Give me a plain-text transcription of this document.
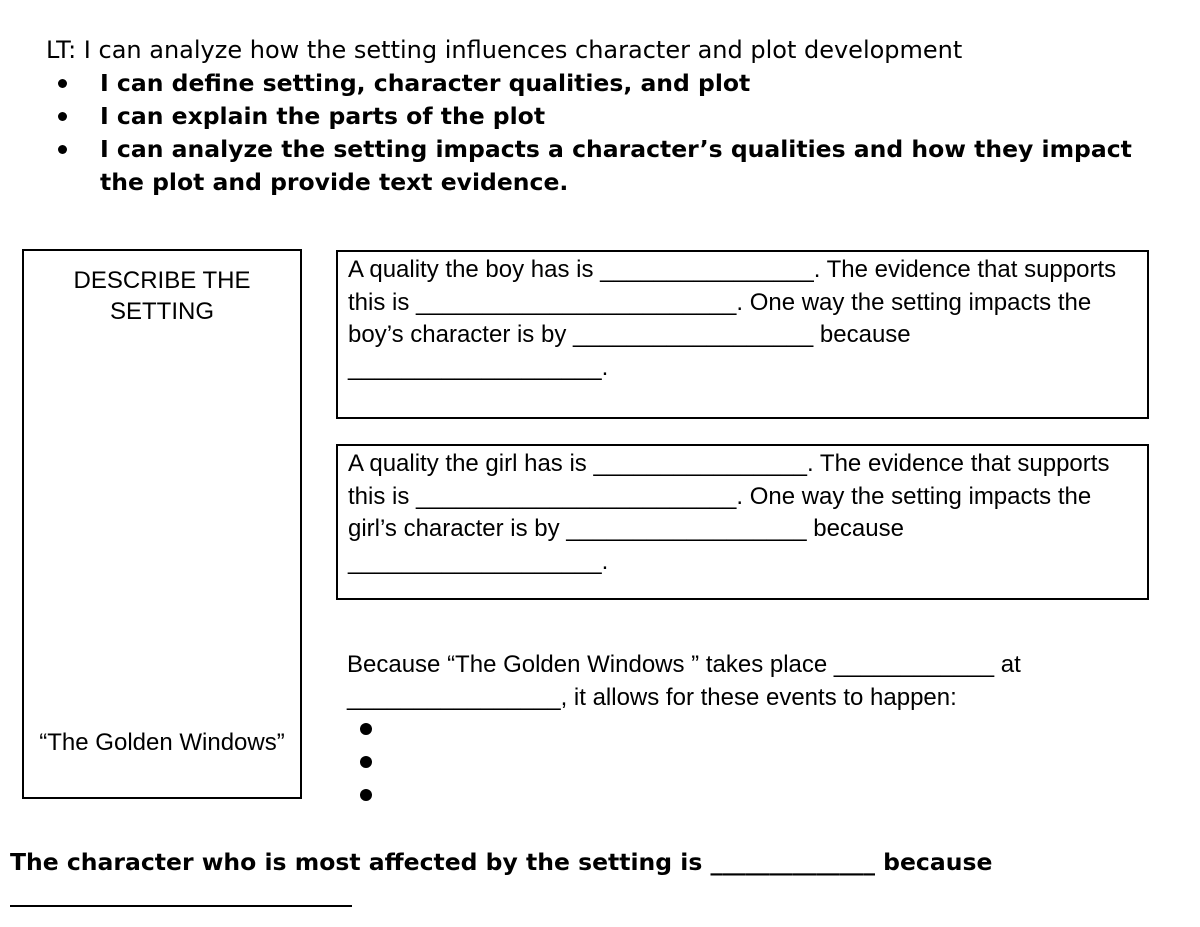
LT: I can analyze how the setting influences character and plot development
I can define setting, character qualities, and plot
I can explain the parts of the plot
I can analyze the setting impacts a character’s qualities and how they impact the plot and provide text evidence.
DESCRIBE THE SETTING
“The Golden Windows”
A quality the boy has is ________________. The evidence that supports this is ________________________. One way the setting impacts the boy’s character is by __________________ because ___________________.
A quality the girl has is ________________. The evidence that supports this is ________________________. One way the setting impacts the girl’s character is by __________________ because ___________________.
Because “The Golden Windows ” takes place ____________ at ________________, it allows for these events to happen:
The character who is most affected by the setting is ______________ because
